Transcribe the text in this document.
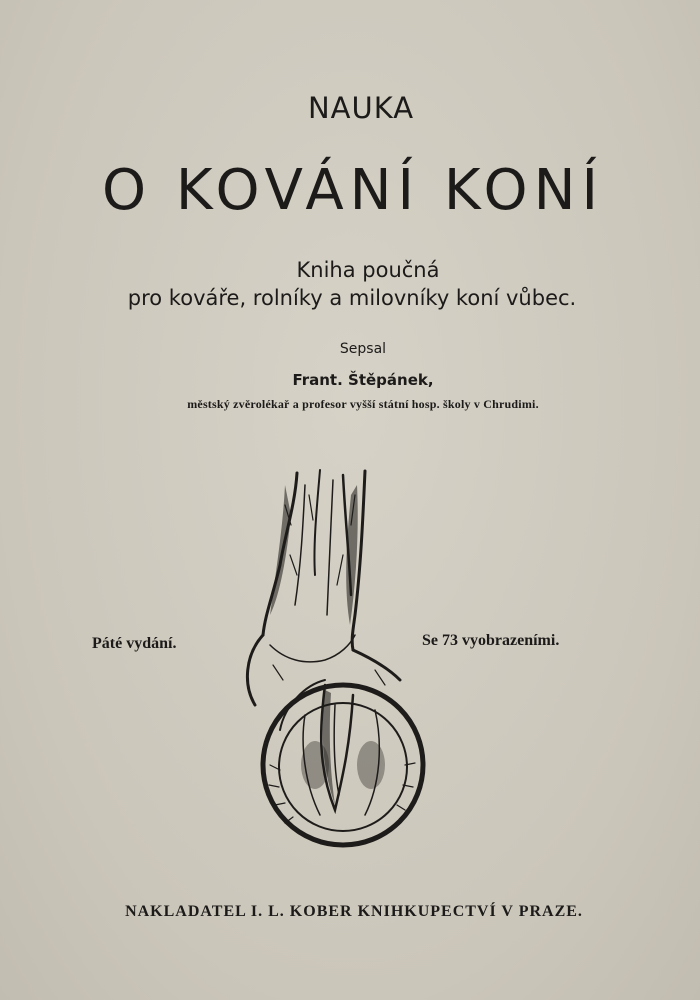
NAUKA
O KOVÁNÍ KONÍ
Kniha poučná
pro kováře, rolníky a milovníky koní vůbec.
Sepsal
Frant. Štěpánek,
městský zvěrolékař a profesor vyšší státní hosp. školy v Chrudimi.
Páté vydání.	Se 73 vyobrazeními.
NAKLADATEL I. L. KOBER KNIHKUPECTVÍ V PRAZE.
